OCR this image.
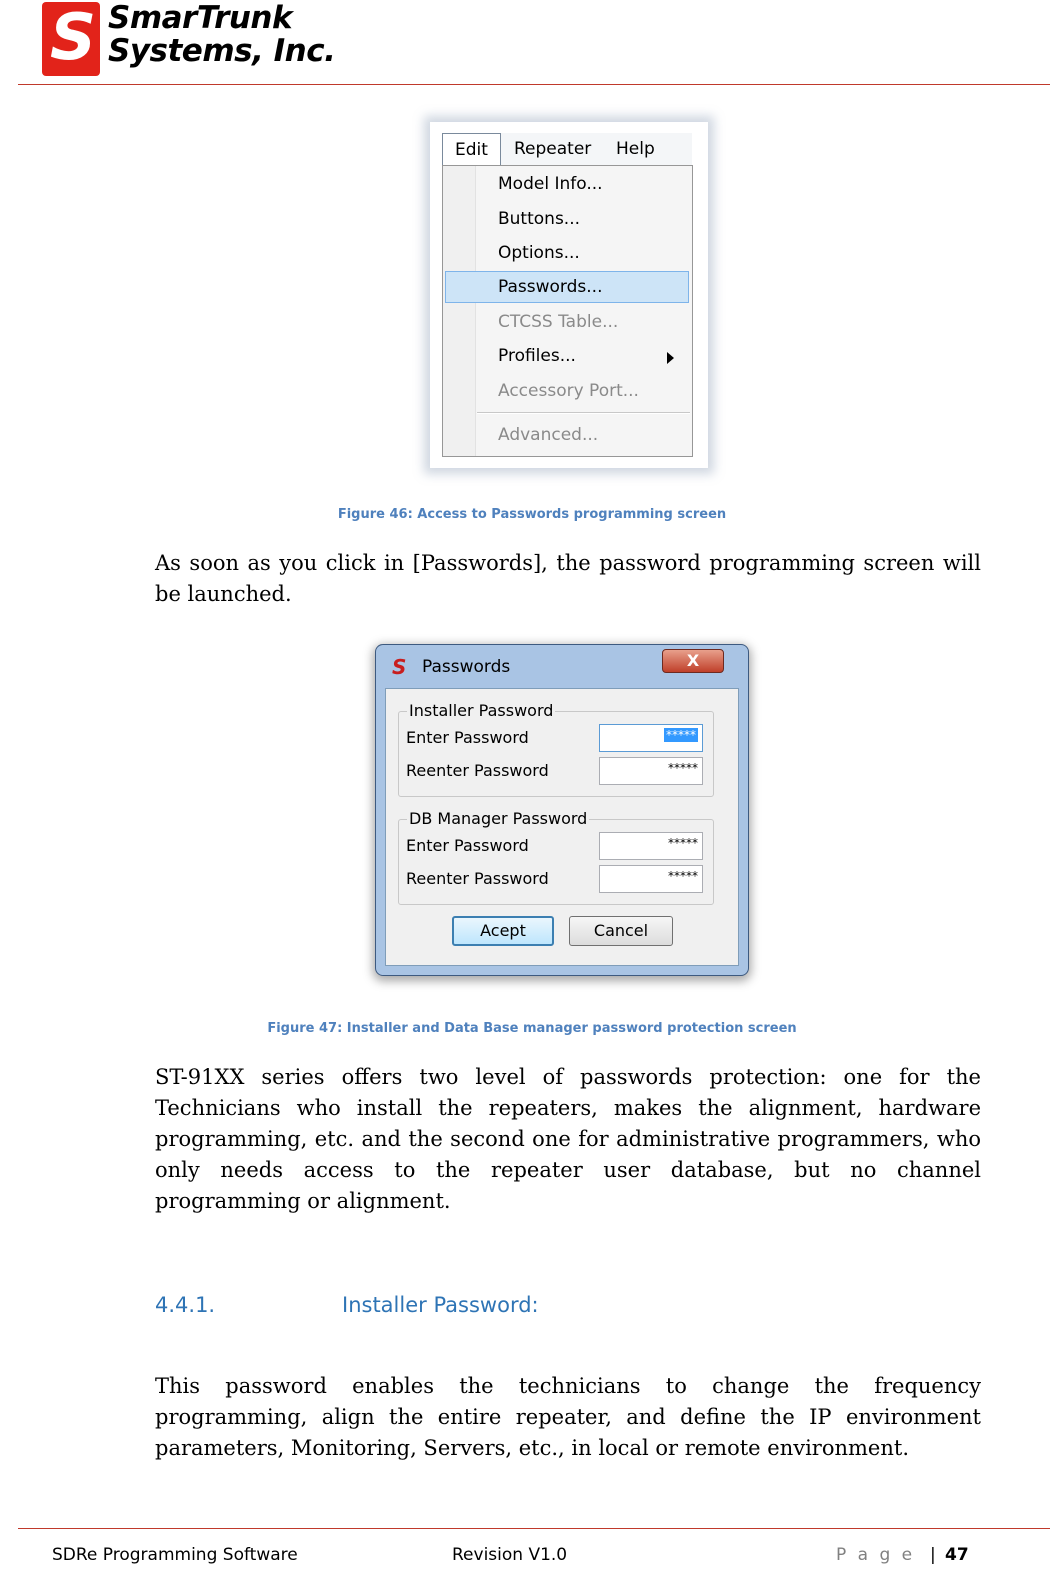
S SmarTrunk
Systems, Inc.
Edit	Repeater	Help
Model Info...
Buttons...
Options...
Passwords...
CTCSS Table...
Profiles...
Accessory Port...
Advanced...
Figure 46: Access to Passwords programming screen
As soon as you click in [Passwords], the password programming screen will be launched.
S Passwords	X
Installer Password
Enter Password	*****
Reenter Password	*****
DB Manager Password
Enter Password	*****
Reenter Password	*****
Acept	Cancel
Figure 47: Installer and Data Base manager password protection screen
ST-91XX series offers two level of passwords protection: one for the Technicians who install the repeaters, makes the alignment, hardware programming, etc. and the second one for administrative programmers, who only needs access to the repeater user database, but no channel programming or alignment.
4.4.1.	Installer Password:
This password enables the technicians to change the frequency programming, align the entire repeater, and define the IP environment parameters, Monitoring, Servers, etc., in local or remote environment.
SDRe Programming Software	Revision V1.0	P a g e | 47
